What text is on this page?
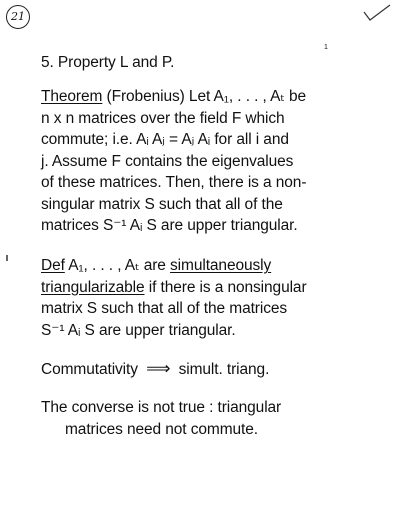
21
1
5. Property L and P.
Theorem (Frobenius) Let A₁, . . . , Aₜ be
n x n matrices over the field F which
commute; i.e. Aᵢ Aⱼ = Aⱼ Aᵢ for all i and
j. Assume F contains the eigenvalues
of these matrices. Then, there is a non-
singular matrix S such that all of the
matrices S⁻¹ Aᵢ S are upper triangular.
Def A₁, . . . , Aₜ are simultaneously
triangularizable if there is a nonsingular
matrix S such that all of the matrices
S⁻¹ Aᵢ S are upper triangular.
Commutativity ⟹ simult. triang.
The converse is not true : triangular
matrices need not commute.
